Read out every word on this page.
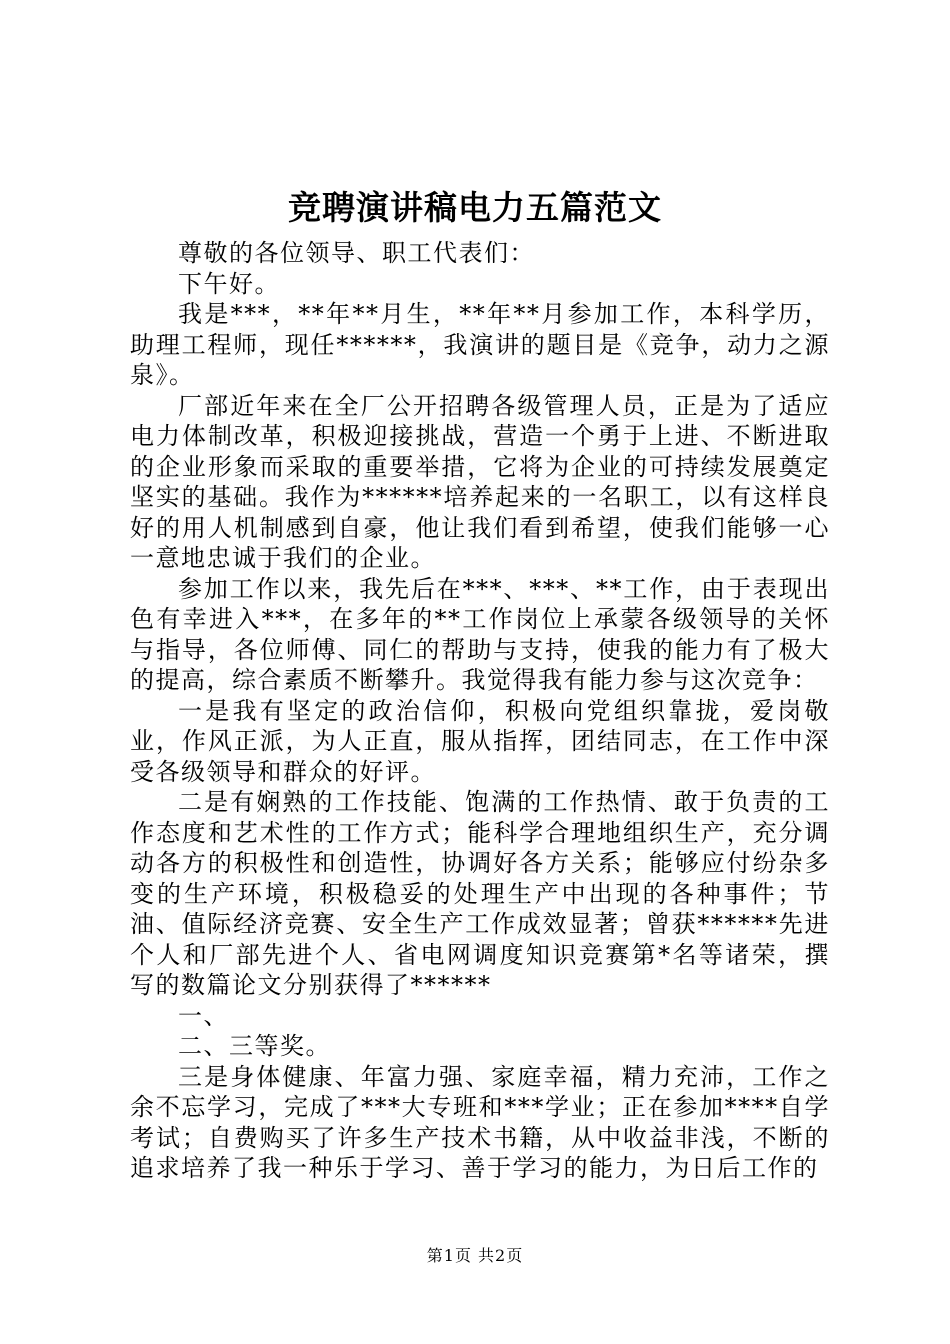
竞聘演讲稿电力五篇范文

尊敬的各位领导、职工代表们：

下午好。

我是***，**年**月生，**年**月参加工作，本科学历，助理工程师，现任******，我演讲的题目是《竞争，动力之源泉》。

厂部近年来在全厂公开招聘各级管理人员，正是为了适应电力体制改革，积极迎接挑战，营造一个勇于上进、不断进取的企业形象而采取的重要举措，它将为企业的可持续发展奠定坚实的基础。我作为******培养起来的一名职工，以有这样良好的用人机制感到自豪，他让我们看到希望，使我们能够一心一意地忠诚于我们的企业。

参加工作以来，我先后在***、***、**工作，由于表现出色有幸进入***，在多年的**工作岗位上承蒙各级领导的关怀与指导，各位师傅、同仁的帮助与支持，使我的能力有了极大的提高，综合素质不断攀升。我觉得我有能力参与这次竞争：

一是我有坚定的政治信仰，积极向党组织靠拢，爱岗敬业，作风正派，为人正直，服从指挥，团结同志，在工作中深受各级领导和群众的好评。

二是有娴熟的工作技能、饱满的工作热情、敢于负责的工作态度和艺术性的工作方式；能科学合理地组织生产，充分调动各方的积极性和创造性，协调好各方关系；能够应付纷杂多变的生产环境，积极稳妥的处理生产中出现的各种事件；节油、值际经济竞赛、安全生产工作成效显著；曾获******先进个人和厂部先进个人、省电网调度知识竞赛第*名等诸荣，撰写的数篇论文分别获得了******

一、

二、三等奖。

三是身体健康、年富力强、家庭幸福，精力充沛，工作之余不忘学习，完成了***大专班和***学业；正在参加****自学考试；自费购买了许多生产技术书籍，从中收益非浅，不断的追求培养了我一种乐于学习、善于学习的能力，为日后工作的

第1页 共2页
